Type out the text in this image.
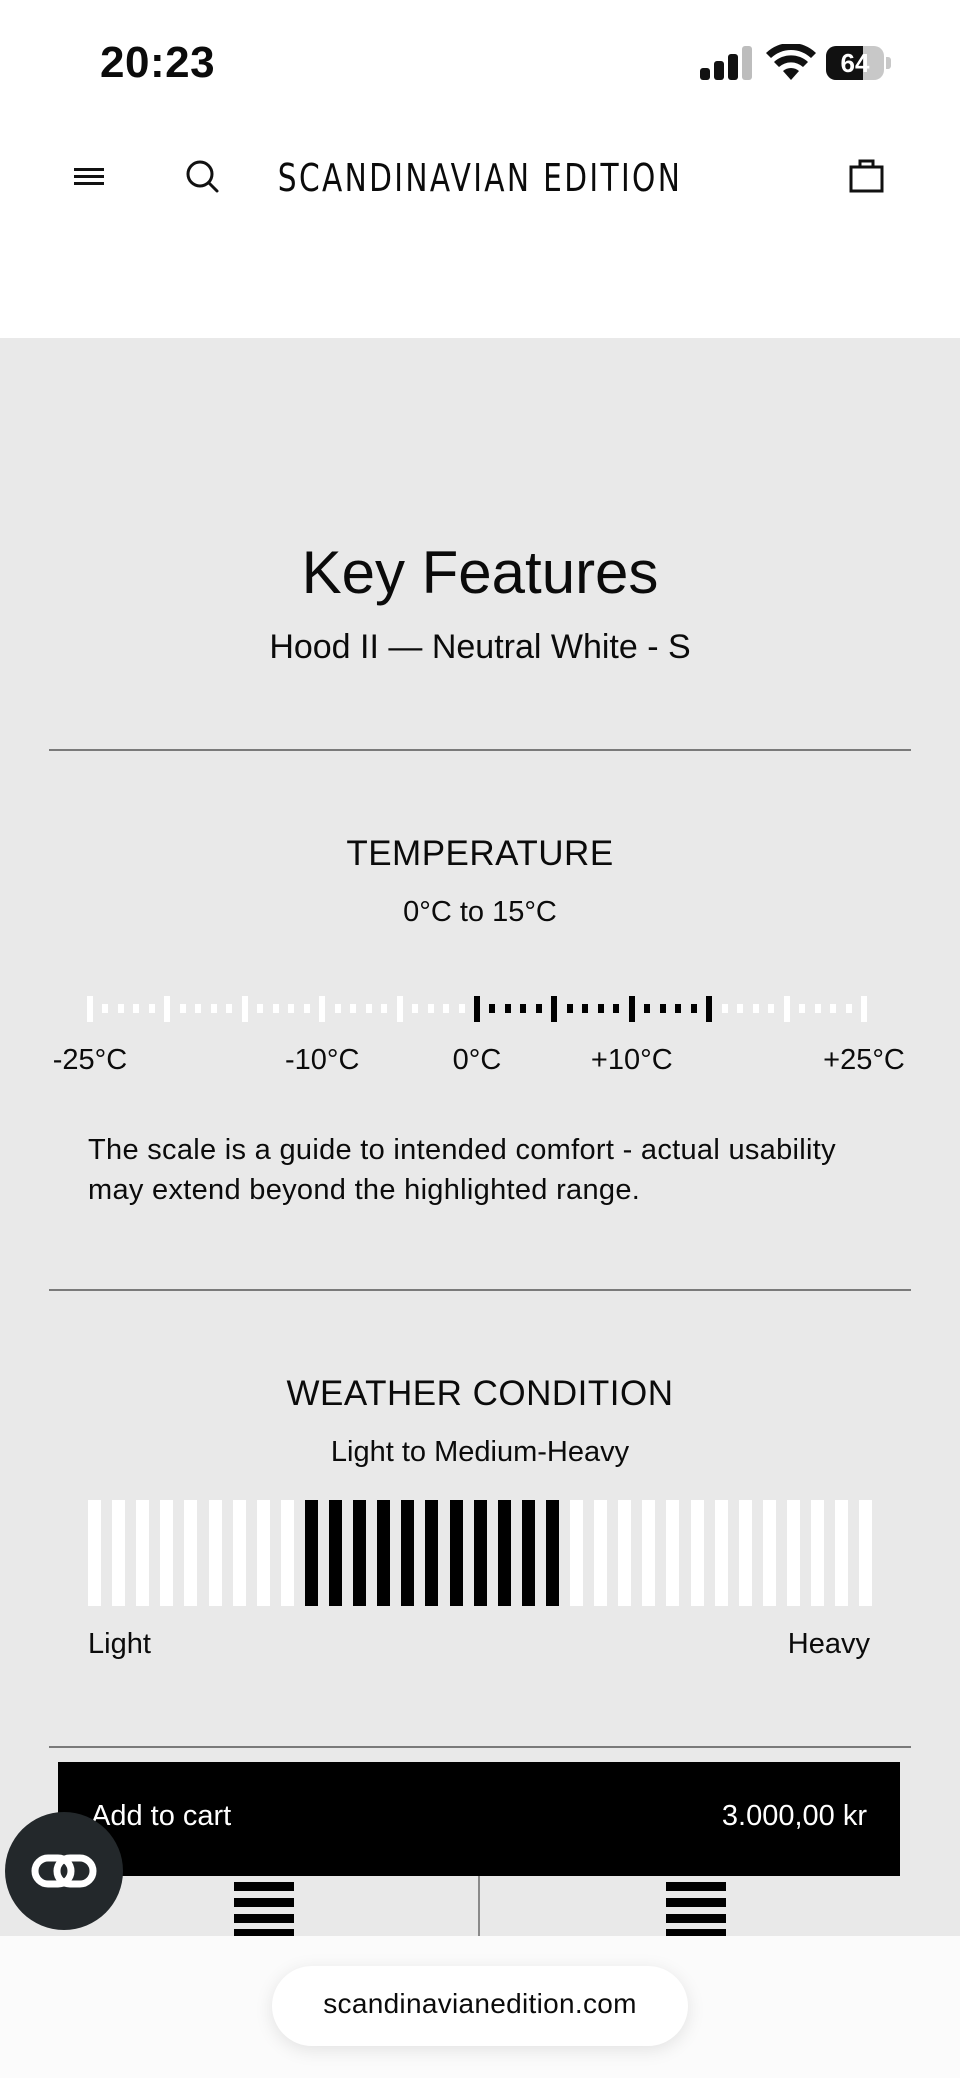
20:23	64
SCANDINAVIAN EDITION
Key Features
Hood II — Neutral White - S
TEMPERATURE
0°C to 15°C
-25°C	-10°C	0°C	+10°C	+25°C
The scale is a guide to intended comfort - actual usability may extend beyond the highlighted range.
WEATHER CONDITION
Light to Medium-Heavy
Light	Heavy
Add to cart	3.000,00 kr
scandinavianedition.com
